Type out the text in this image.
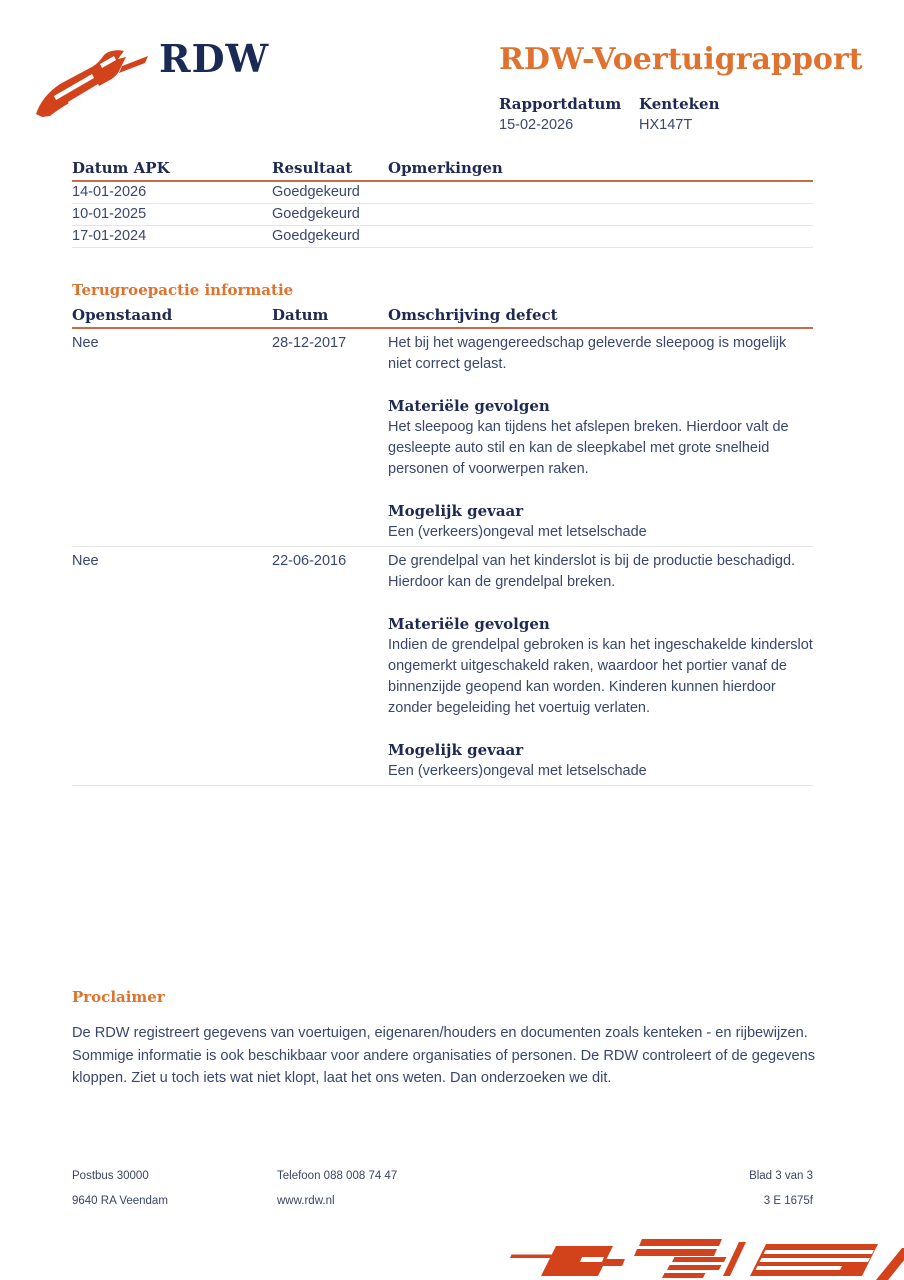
RDW	RDW-Voertuigrapport
Rapportdatum Kenteken
15-02-2026	HX147T
Datum APK	Resultaat	Opmerkingen
14-01-2026	Goedgekeurd
10-01-2025	Goedgekeurd
17-01-2024	Goedgekeurd
Terugroepactie informatie
Openstaand	Datum	Omschrijving defect
Nee	28-12-2017	Het bij het wagengereedschap geleverde sleepoog is mogelijk niet correct gelast.

Materiële gevolgen

Het sleepoog kan tijdens het afslepen breken. Hierdoor valt de gesleepte auto stil en kan de sleepkabel met grote snelheid personen of voorwerpen raken.

Mogelijk gevaar

Een (verkeers)ongeval met letselschade

Nee	22-06-2016	De grendelpal van het kinderslot is bij de productie beschadigd. Hierdoor kan de grendelpal breken.

Materiële gevolgen

Indien de grendelpal gebroken is kan het ingeschakelde kinderslot ongemerkt uitgeschakeld raken, waardoor het portier vanaf de binnenzijde geopend kan worden. Kinderen kunnen hierdoor zonder begeleiding het voertuig verlaten.

Mogelijk gevaar

Een (verkeers)ongeval met letselschade

Proclaimer

De RDW registreert gegevens van voertuigen, eigenaren/houders en documenten zoals kenteken - en rijbewijzen. Sommige informatie is ook beschikbaar voor andere organisaties of personen. De RDW controleert of de gegevens kloppen. Ziet u toch iets wat niet klopt, laat het ons weten. Dan onderzoeken we dit.

Postbus 30000

9640 RA Veendam

Telefoon 088 008 74 47

www.rdw.nl

Blad 3 van 3

3 E 1675f
